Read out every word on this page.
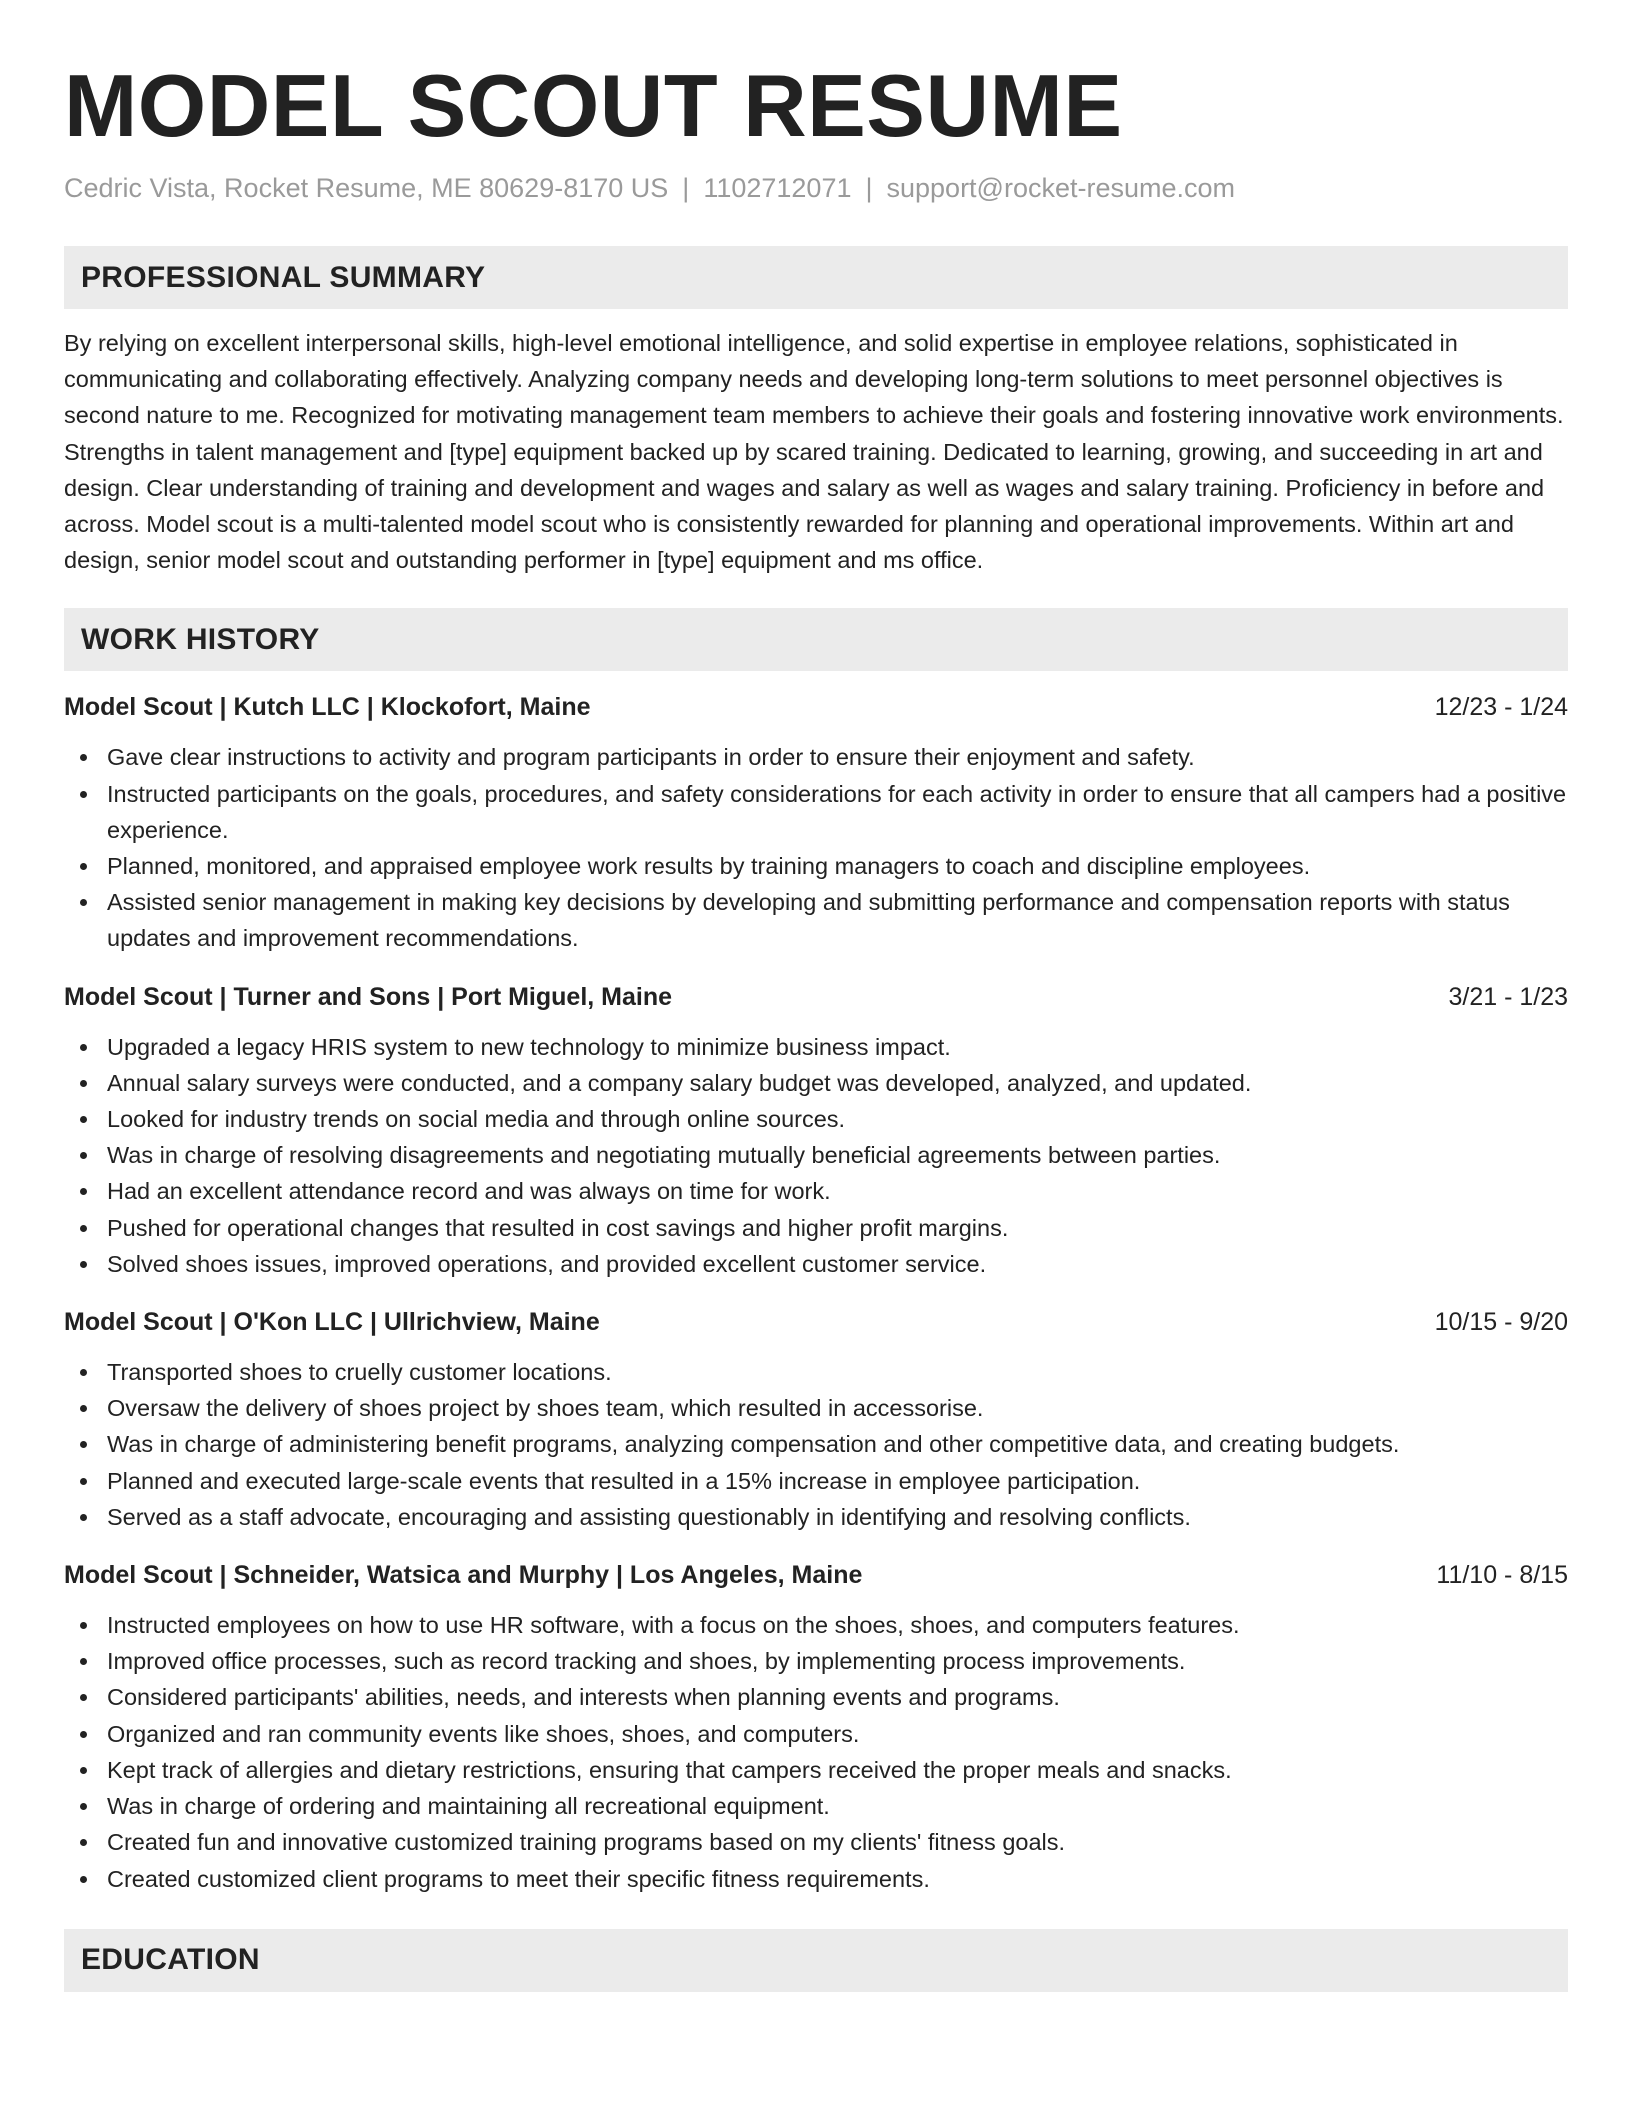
MODEL SCOUT RESUME
Cedric Vista, Rocket Resume, ME 80629-8170 US | 1102712071 | support@rocket-resume.com
PROFESSIONAL SUMMARY

By relying on excellent interpersonal skills, high-level emotional intelligence, and solid expertise in employee relations, sophisticated in communicating and collaborating effectively. Analyzing company needs and developing long-term solutions to meet personnel objectives is second nature to me. Recognized for motivating management team members to achieve their goals and fostering innovative work environments. Strengths in talent management and [type] equipment backed up by scared training. Dedicated to learning, growing, and succeeding in art and design. Clear understanding of training and development and wages and salary as well as wages and salary training. Proficiency in before and across. Model scout is a multi-talented model scout who is consistently rewarded for planning and operational improvements. Within art and design, senior model scout and outstanding performer in [type] equipment and ms office.

WORK HISTORY
Model Scout | Kutch LLC | Klockofort, Maine	12/23 - 1/24
Gave clear instructions to activity and program participants in order to ensure their enjoyment and safety.
Instructed participants on the goals, procedures, and safety considerations for each activity in order to ensure that all campers had a positive experience.
Planned, monitored, and appraised employee work results by training managers to coach and discipline employees.
Assisted senior management in making key decisions by developing and submitting performance and compensation reports with status updates and improvement recommendations.
Model Scout | Turner and Sons | Port Miguel, Maine	3/21 - 1/23
Upgraded a legacy HRIS system to new technology to minimize business impact.
Annual salary surveys were conducted, and a company salary budget was developed, analyzed, and updated.
Looked for industry trends on social media and through online sources.
Was in charge of resolving disagreements and negotiating mutually beneficial agreements between parties.
Had an excellent attendance record and was always on time for work.
Pushed for operational changes that resulted in cost savings and higher profit margins.
Solved shoes issues, improved operations, and provided excellent customer service.
Model Scout | O'Kon LLC | Ullrichview, Maine	10/15 - 9/20
Transported shoes to cruelly customer locations.
Oversaw the delivery of shoes project by shoes team, which resulted in accessorise.
Was in charge of administering benefit programs, analyzing compensation and other competitive data, and creating budgets.
Planned and executed large-scale events that resulted in a 15% increase in employee participation.
Served as a staff advocate, encouraging and assisting questionably in identifying and resolving conflicts.
Model Scout | Schneider, Watsica and Murphy | Los Angeles, Maine	11/10 - 8/15
Instructed employees on how to use HR software, with a focus on the shoes, shoes, and computers features.
Improved office processes, such as record tracking and shoes, by implementing process improvements.
Considered participants' abilities, needs, and interests when planning events and programs.
Organized and ran community events like shoes, shoes, and computers.
Kept track of allergies and dietary restrictions, ensuring that campers received the proper meals and snacks.
Was in charge of ordering and maintaining all recreational equipment.
Created fun and innovative customized training programs based on my clients' fitness goals.
Created customized client programs to meet their specific fitness requirements.
EDUCATION
